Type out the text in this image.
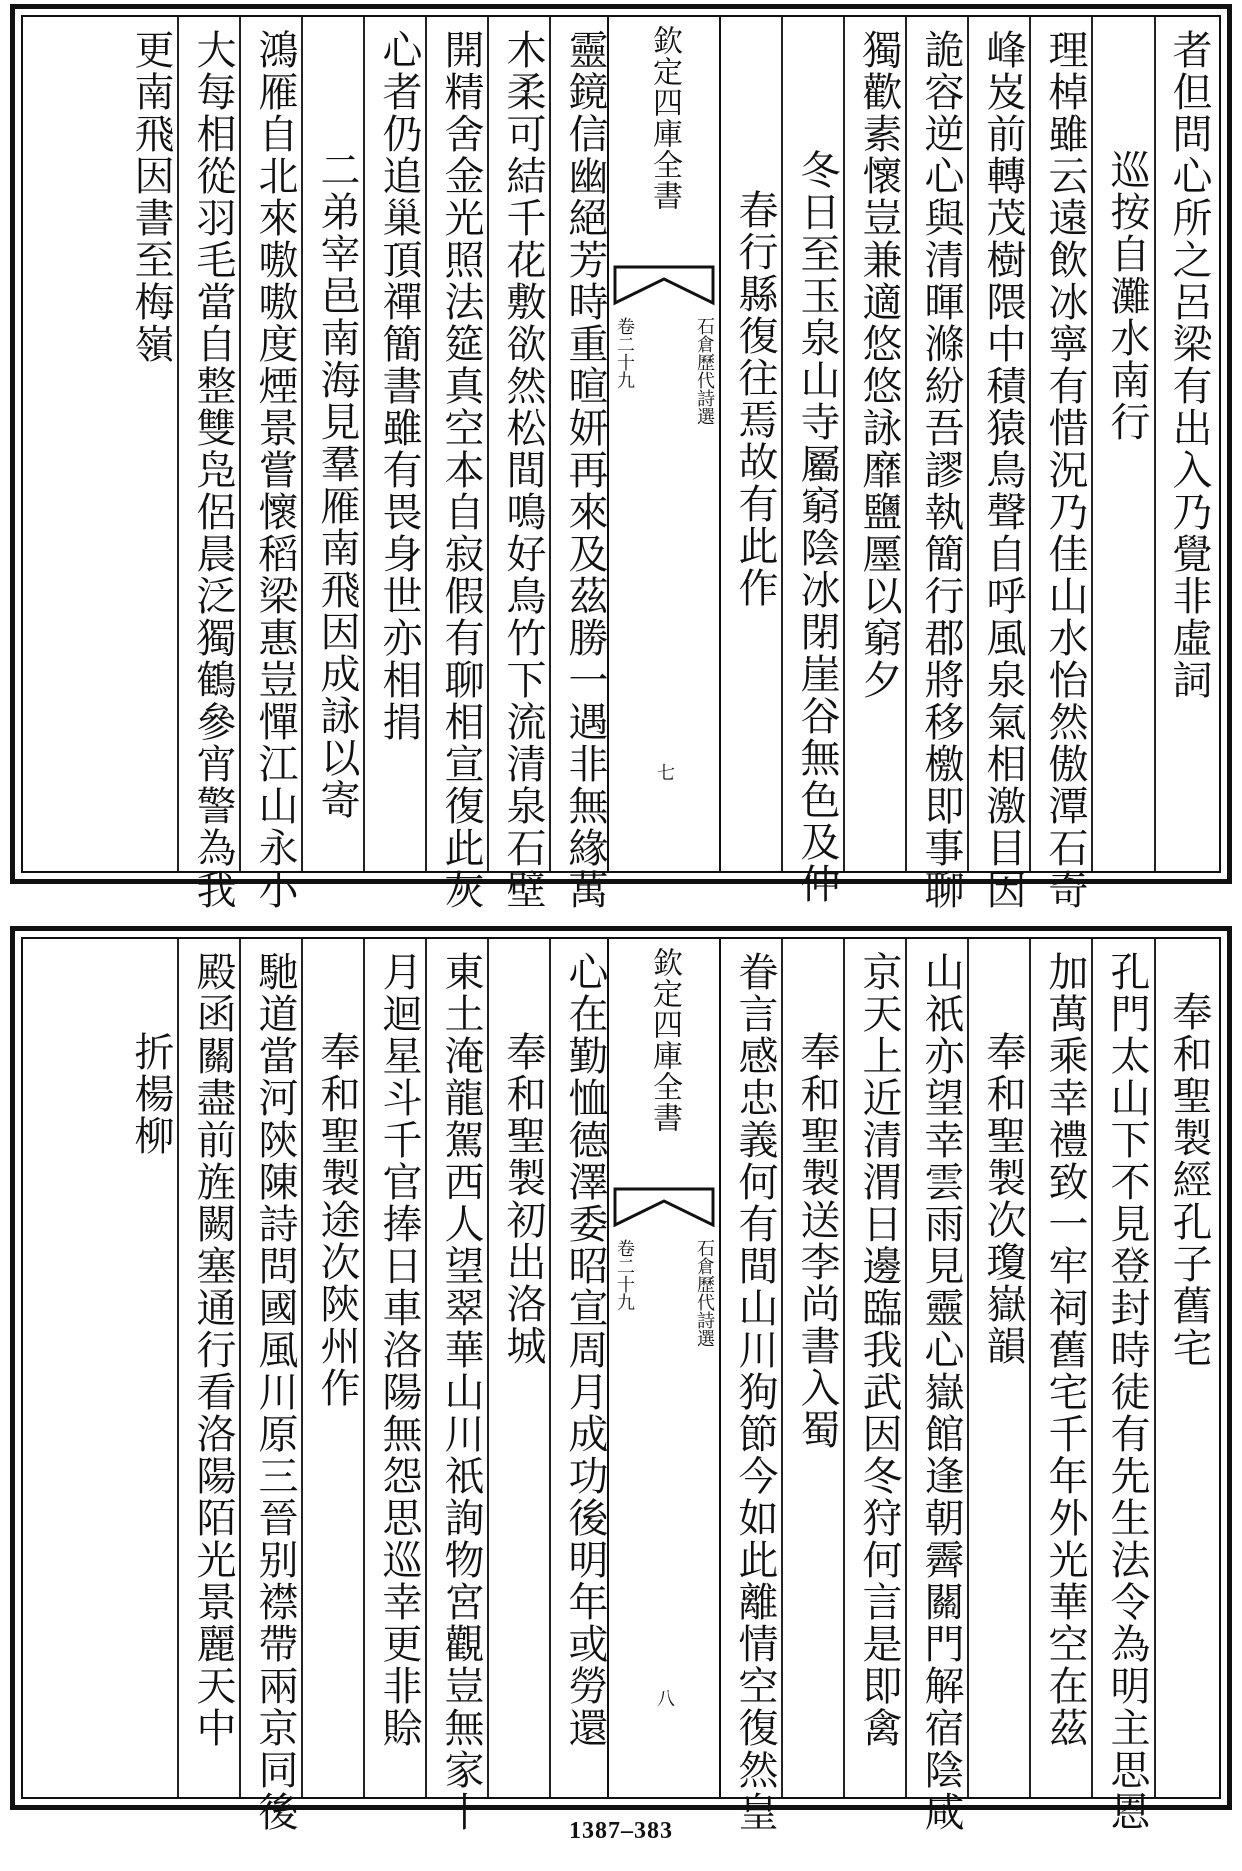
者但問心所之呂梁有出入乃覺非虛詞
巡按自灘水南行
理棹雖云遠飲冰寧有惜況乃佳山水怡然傲潭石奇
峰岌前轉茂樹隈中積猿鳥聲自呼風泉氣相激目因
詭容逆心與清暉滌紛吾謬執簡行郡將移檄即事聊
獨歡素懷豈兼適悠悠詠靡鹽㕓以窮夕
冬日至玉泉山寺屬窮陰冰閉崖谷無色及仲
春行縣復往焉故有此作
欽定四庫全書
石倉歷代詩選
卷二十九
七
靈鏡信幽絕芳時重暄妍再來及茲勝一遇非無緣萬
木柔可結千花敷欲然松間鳴好鳥竹下流清泉石壁
開精舍金光照法筵真空本自寂假有聊相宣復此灰
心者仍追巢頂禪簡書雖有畏身世亦相捐
二弟宰邑南海見羣雁南飛因成詠以寄
鴻雁自北來嗷嗷度煙景嘗懷稻梁惠豈憚江山永小
大每相從羽毛當自整雙凫侶晨泛獨鶴參宵警為我
更南飛因書至梅嶺
奉和聖製經孔子舊宅
孔門太山下不見登封時徒有先生法令為明主思恩
加萬乘幸禮致一牢祠舊宅千年外光華空在茲
奉和聖製次瓊嶽韻
山祇亦望幸雲雨見靈心嶽館逢朝霽關門解宿陰咸
京天上近清渭日邊臨我武因冬狩何言是即禽
奉和聖製送李尚書入蜀
眷言感忠義何有間山川狗節今如此離情空復然皇
欽定四庫全書
石倉歷代詩選
卷二十九
八
心在勤恤德澤委昭宣周月成功後明年或勞還
奉和聖製初出洛城
東土淹龍駕西人望翠華山川祇詢物宮觀豈無家十
月迴星斗千官捧日車洛陽無怨思巡幸更非賒
奉和聖製途次陝州作
馳道當河陝陳詩問國風川原三晉别襟帶兩京同後
殿函關盡前旌闕塞通行看洛陽陌光景麗天中
折楊柳
1387–383
